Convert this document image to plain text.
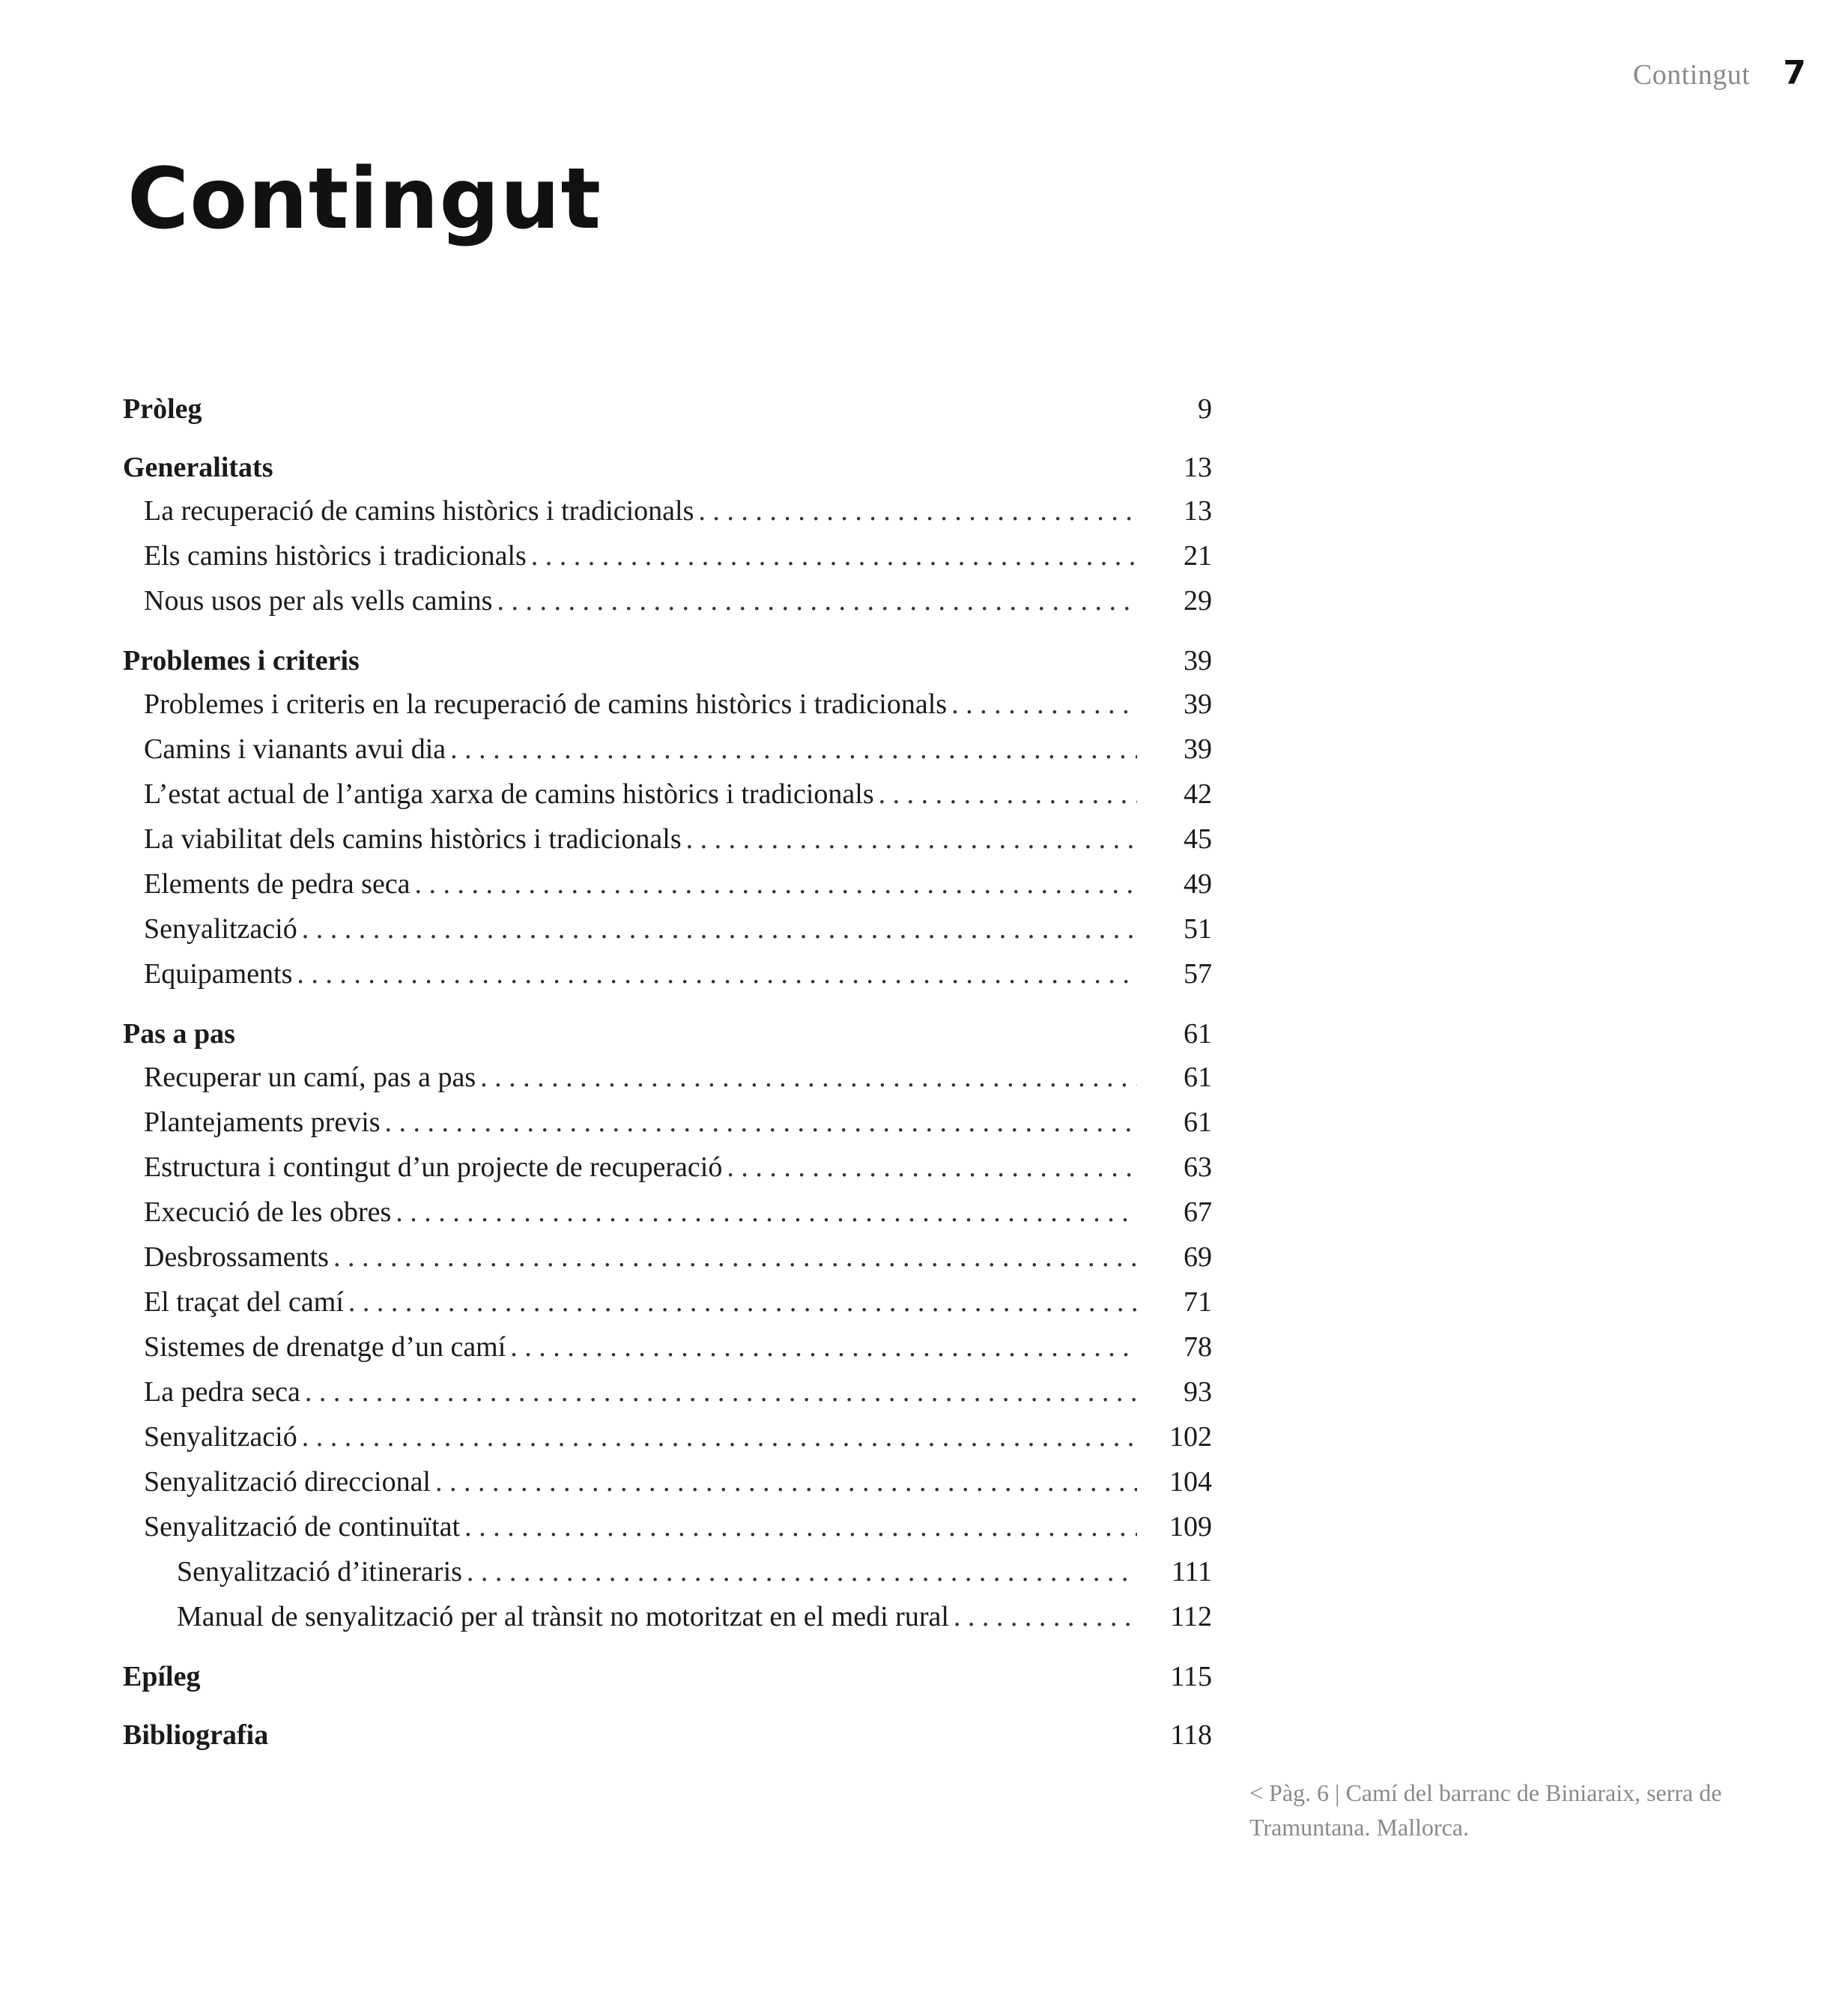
Contingut 7
Contingut
Pròleg	9
Generalitats	13
La recuperació de camins històrics i tradicionals . . .	13
Els camins històrics i tradicionals . . .	21
Nous usos per als vells camins . . .	29
Problemes i criteris	39
Problemes i criteris en la recuperació de camins històrics i tradicionals . . .	39
Camins i vianants avui dia . . .	39
L’estat actual de l’antiga xarxa de camins històrics i tradicionals . . .	42
La viabilitat dels camins històrics i tradicionals . . .	45
Elements de pedra seca . . .	49
Senyalització . . .	51
Equipaments . . .	57
Pas a pas	61
Recuperar un camí, pas a pas . . .	61
Plantejaments previs . . .	61
Estructura i contingut d’un projecte de recuperació . . .	63
Execució de les obres . . .	67
Desbrossaments . . .	69
El traçat del camí . . .	71
Sistemes de drenatge d’un camí . . .	78
La pedra seca . . .	93
Senyalització . . .	102
Senyalització direccional . . .	104
Senyalització de continuïtat . . .	109
Senyalització d’itineraris . . .	111
Manual de senyalització per al trànsit no motoritzat en el medi rural . . .	112
Epíleg	115
Bibliografia	118
< Pàg. 6 | Camí del barranc de Biniaraix, serra de Tramuntana. Mallorca.
